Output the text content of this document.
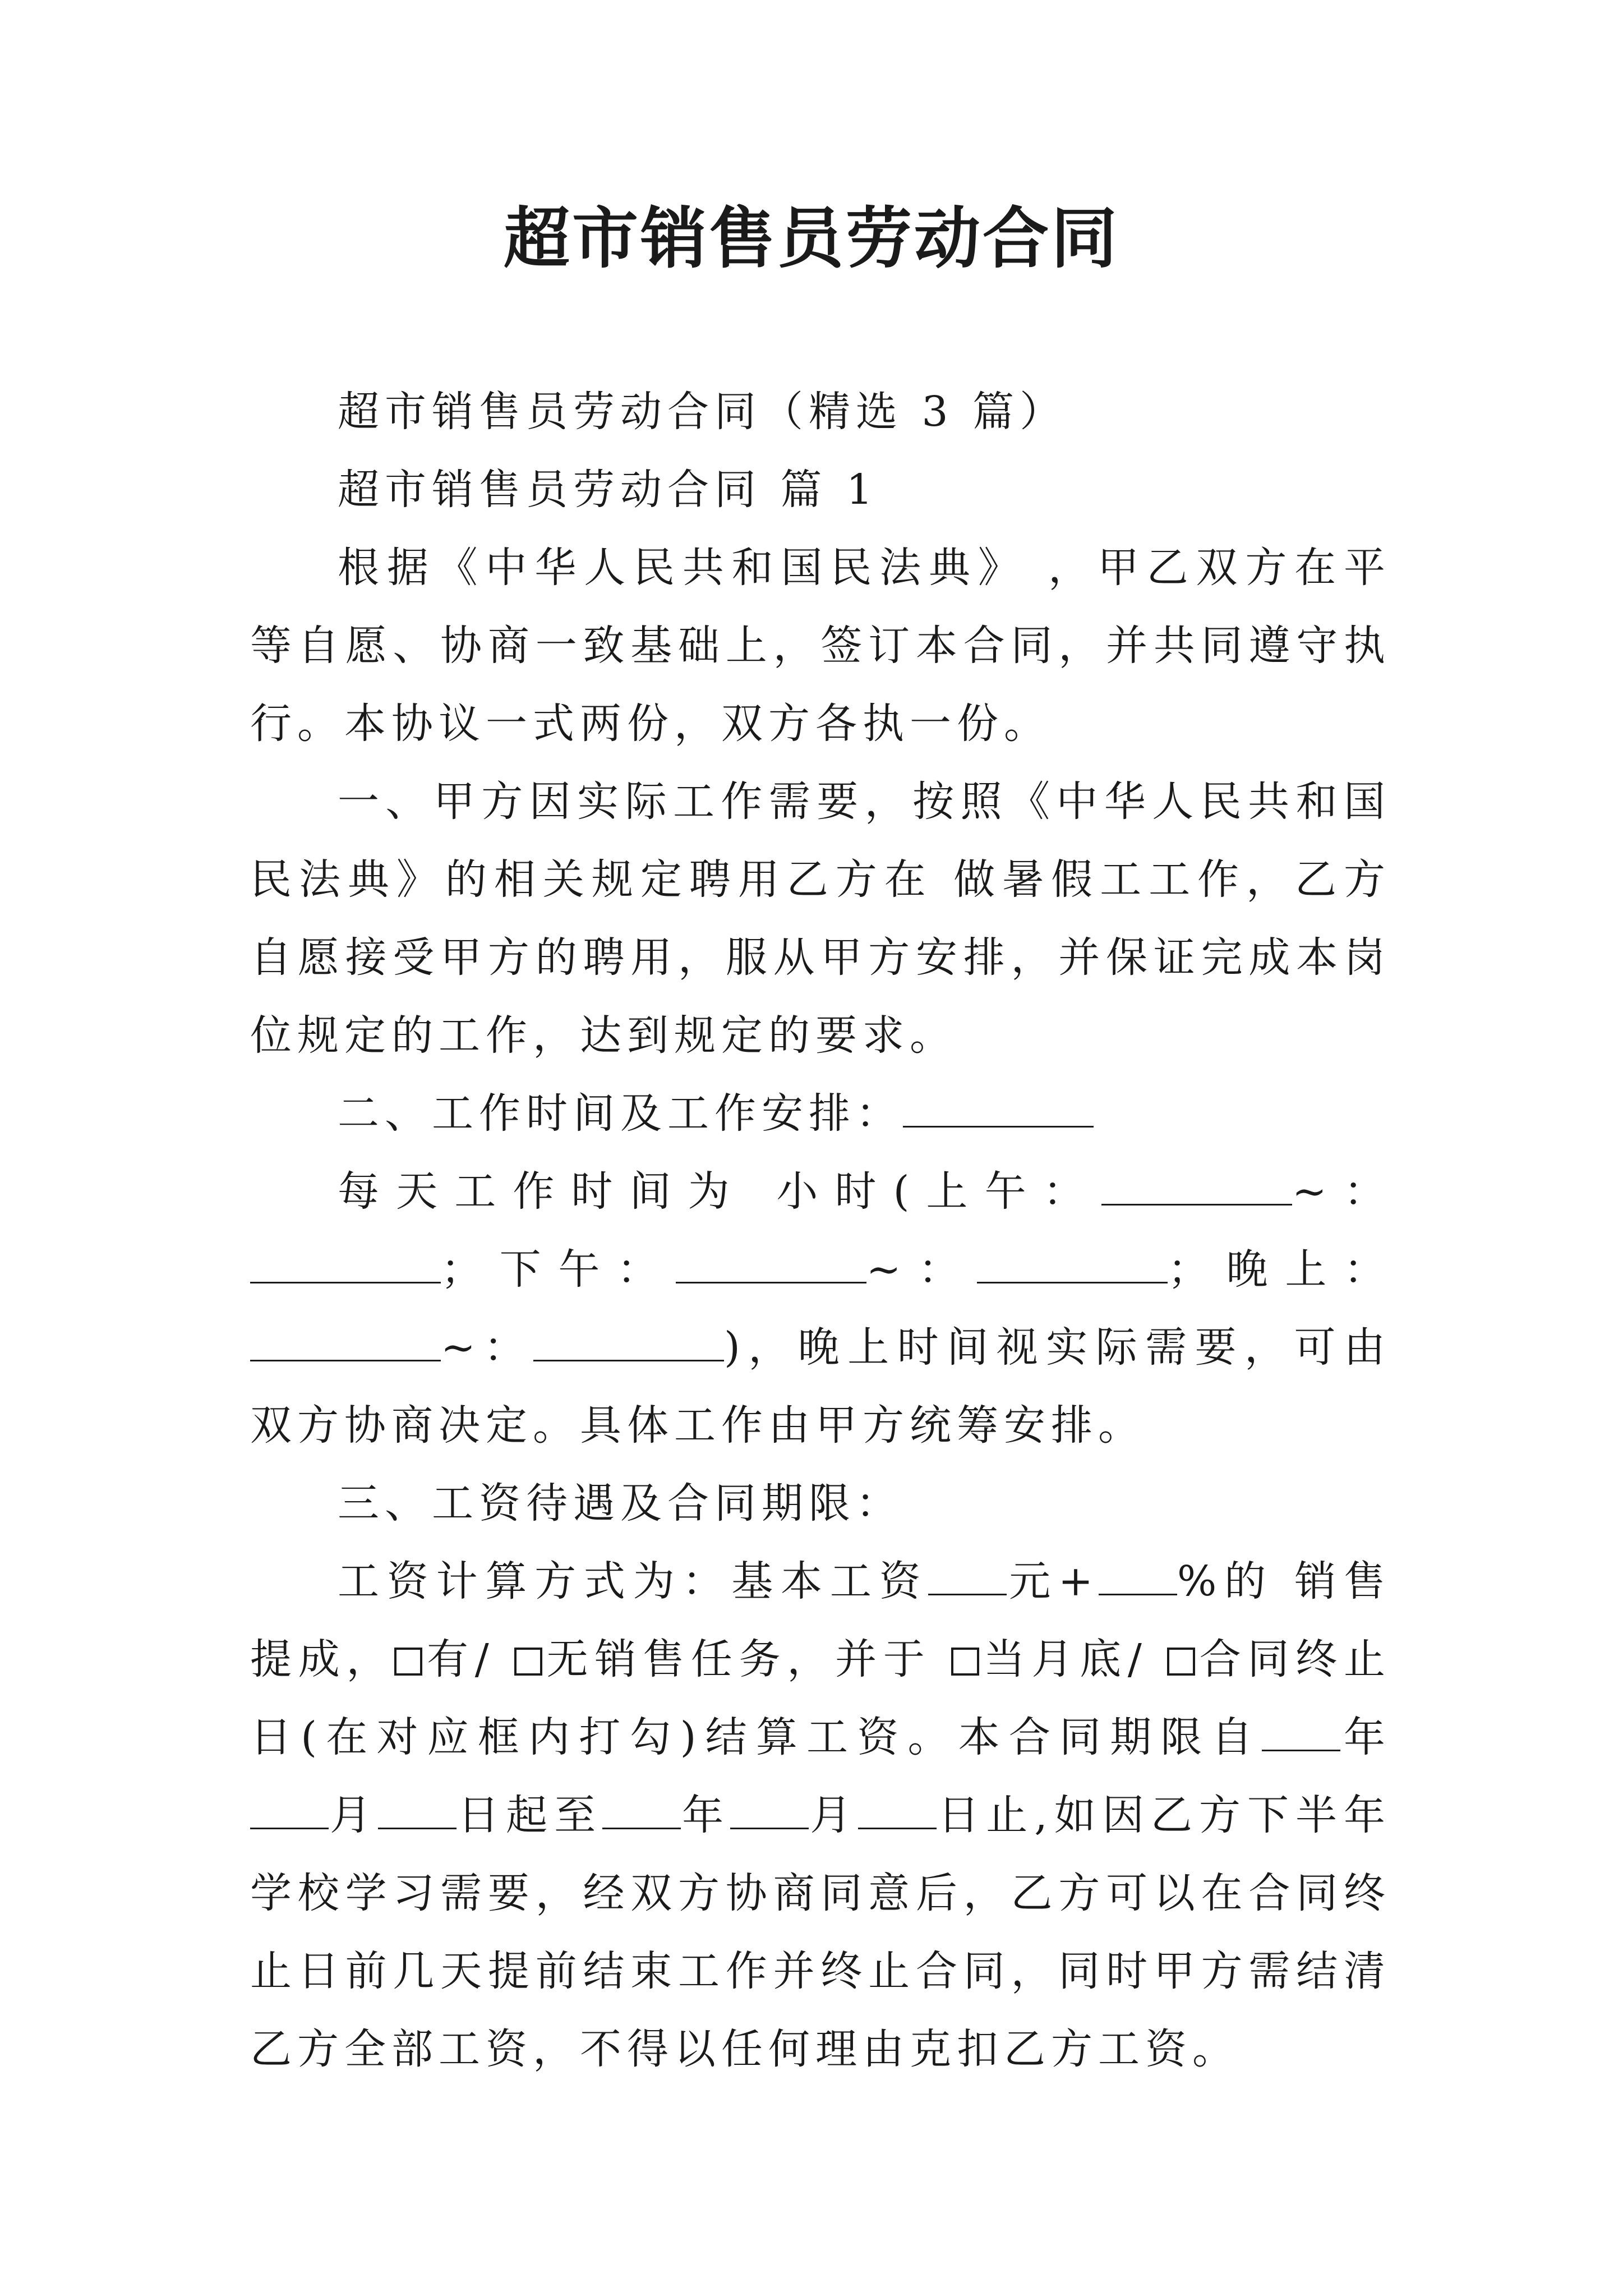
超市销售员劳动合同

超市销售员劳动合同（精选 3 篇）

超市销售员劳动合同 篇 1

根据《中华人民共和国民法典》 ，甲乙双方在平等自愿、协商一致基础上，签订本合同，并共同遵守执行。本协议一式两份，双方各执一份。

一、甲方因实际工作需要，按照《中华人民共和国民法典》的相关规定聘用乙方在 做暑假工工作，乙方自愿接受甲方的聘用，服从甲方安排，并保证完成本岗位规定的工作，达到规定的要求。

二、工作时间及工作安排：

每天工作时间为 小时(上午：	~：；下午：	~：	；晚上：~：	)，晚上时间视实际需要，可由双方协商决定。具体工作由甲方统筹安排。

三、工资待遇及合同期限：

工资计算方式为：基本工资 元+ %的 销售提成， 有/ 无销售任务，并于 当月底/ 合同终止日(在对应框内打勾)结算工资。本合同期限自 年月 日起至 年 月 日止,如因乙方下半年学校学习需要，经双方协商同意后，乙方可以在合同终止日前几天提前结束工作并终止合同，同时甲方需结清乙方全部工资，不得以任何理由克扣乙方工资。
